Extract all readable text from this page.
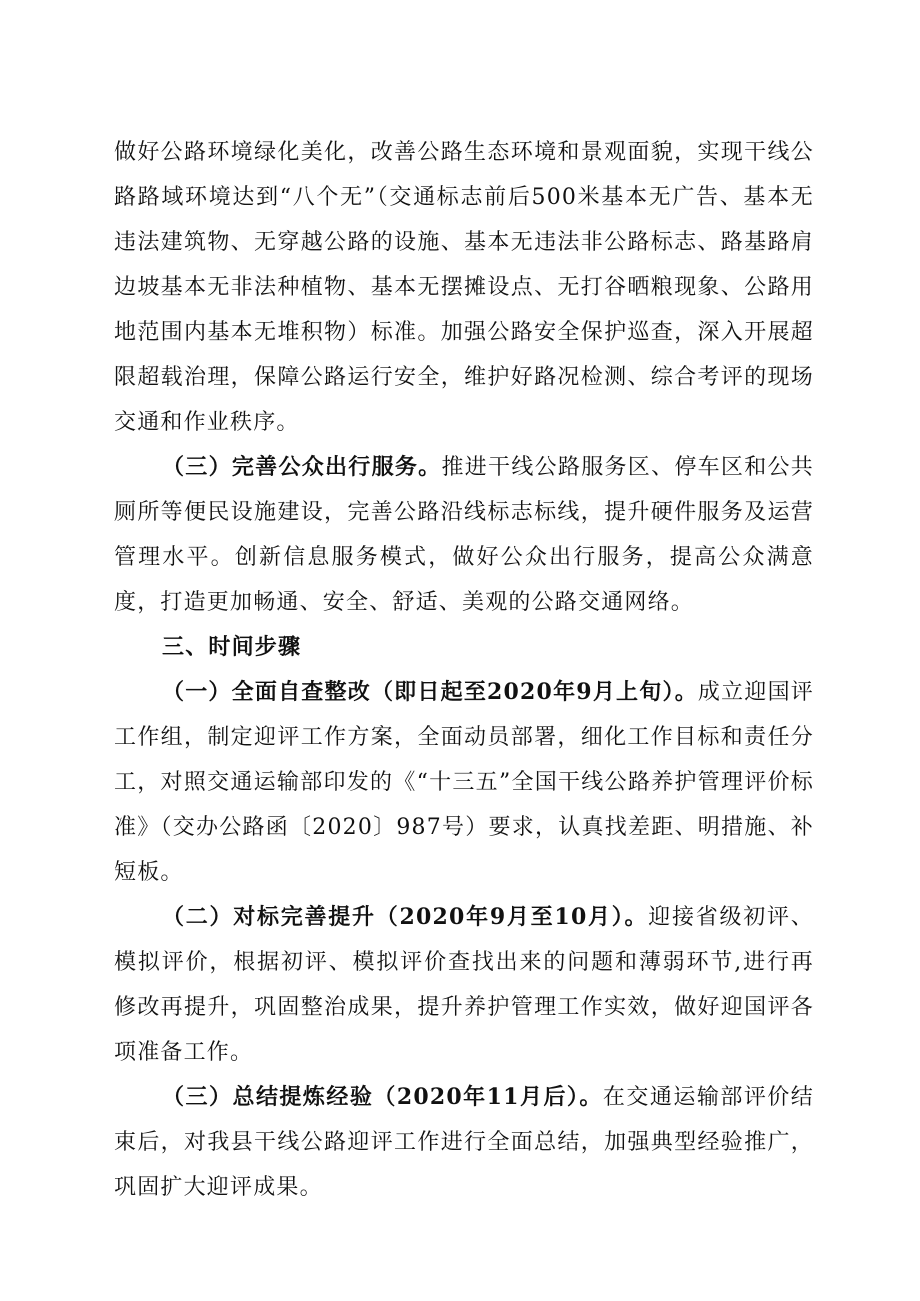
做好公路环境绿化美化，改善公路生态环境和景观面貌，实现干线公路路域环境达到“八个无”（交通标志前后500米基本无广告、基本无违法建筑物、无穿越公路的设施、基本无违法非公路标志、路基路肩边坡基本无非法种植物、基本无摆摊设点、无打谷晒粮现象、公路用地范围内基本无堆积物）标准。加强公路安全保护巡查，深入开展超限超载治理，保障公路运行安全，维护好路况检测、综合考评的现场交通和作业秩序。

（三）完善公众出行服务。推进干线公路服务区、停车区和公共厕所等便民设施建设，完善公路沿线标志标线，提升硬件服务及运营管理水平。创新信息服务模式，做好公众出行服务，提高公众满意度，打造更加畅通、安全、舒适、美观的公路交通网络。

三、时间步骤

（一）全面自查整改（即日起至2020年9月上旬）。成立迎国评工作组，制定迎评工作方案，全面动员部署，细化工作目标和责任分工，对照交通运输部印发的《“十三五”全国干线公路养护管理评价标准》（交办公路函〔2020〕987号）要求，认真找差距、明措施、补短板。

（二）对标完善提升（2020年9月至10月）。迎接省级初评、模拟评价，根据初评、模拟评价查找出来的问题和薄弱环节,进行再修改再提升，巩固整治成果，提升养护管理工作实效，做好迎国评各项准备工作。

（三）总结提炼经验（2020年11月后）。在交通运输部评价结束后，对我县干线公路迎评工作进行全面总结，加强典型经验推广，巩固扩大迎评成果。
